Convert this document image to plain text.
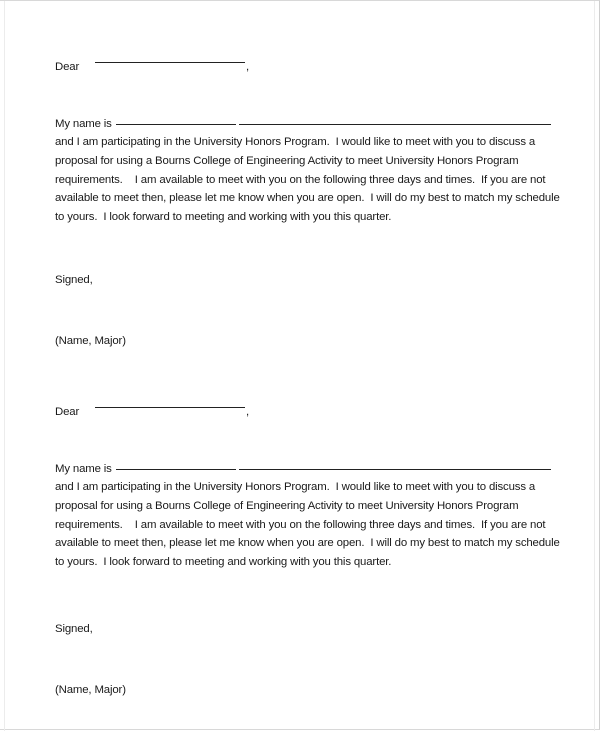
Dear	,
My name is
and I am participating in the University Honors Program.  I would like to meet with you to discuss a
proposal for using a Bourns College of Engineering Activity to meet University Honors Program
requirements.    I am available to meet with you on the following three days and times.  If you are not
available to meet then, please let me know when you are open.  I will do my best to match my schedule
to yours.  I look forward to meeting and working with you this quarter.
Signed,
(Name, Major)
Dear	,
My name is
and I am participating in the University Honors Program.  I would like to meet with you to discuss a
proposal for using a Bourns College of Engineering Activity to meet University Honors Program
requirements.    I am available to meet with you on the following three days and times.  If you are not
available to meet then, please let me know when you are open.  I will do my best to match my schedule
to yours.  I look forward to meeting and working with you this quarter.
Signed,
(Name, Major)
